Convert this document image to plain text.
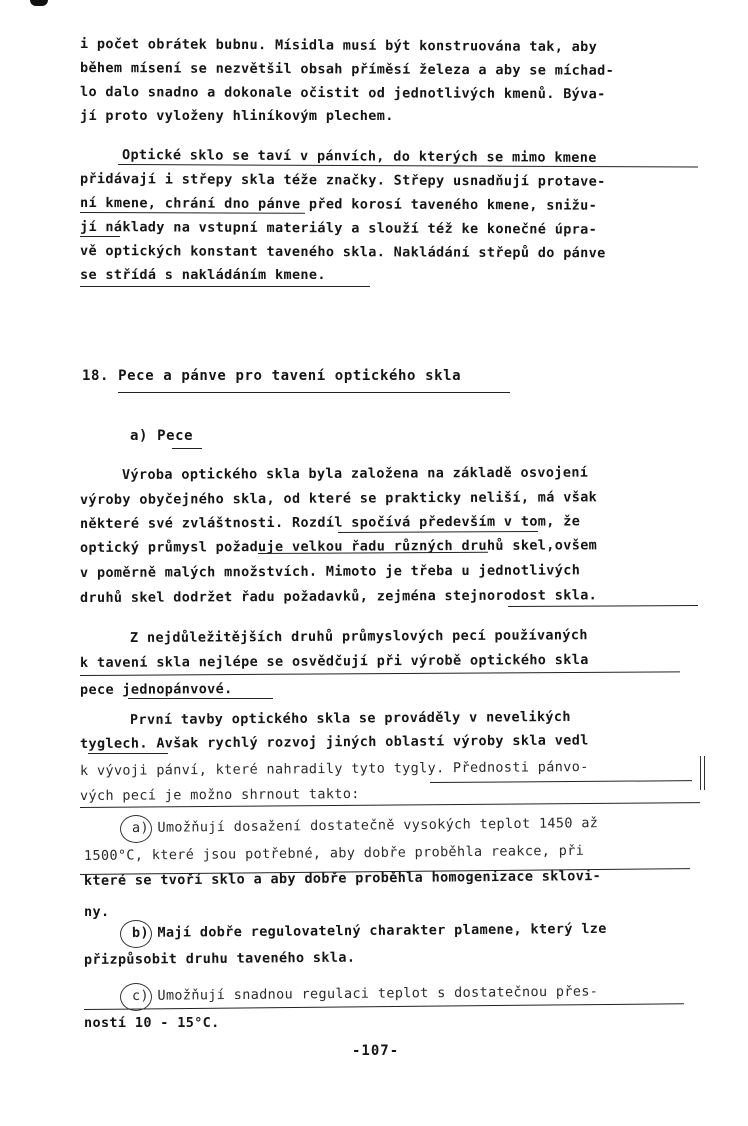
i počet obrátek bubnu. Mísidla musí být konstruována tak, aby
během mísení se nezvětšil obsah příměsí železa a aby se míchad-
lo dalo snadno a dokonale očistit od jednotlivých kmenů. Býva-
jí proto vyloženy hliníkovým plechem.
Optické sklo se taví v pánvích, do kterých se mimo kmene
přidávají i střepy skla téže značky. Střepy usnadňují protave-
ní kmene, chrání dno pánve před korosí taveného kmene, snižu-
jí náklady na vstupní materiály a slouží též ke konečné úpra-
vě optických konstant taveného skla. Nakládání střepů do pánve
se střídá s nakládáním kmene.
18. Pece a pánve pro tavení optického skla
a) Pece
Výroba optického skla byla založena na základě osvojení
výroby obyčejného skla, od které se prakticky neliší, má však
některé své zvláštnosti. Rozdíl spočívá především v tom, že
optický průmysl požaduje velkou řadu různých druhů skel,ovšem
v poměrně malých množstvích. Mimoto je třeba u jednotlivých
druhů skel dodržet řadu požadavků, zejména stejnorodost skla.
Z nejdůležitějších druhů průmyslových pecí používaných
k tavení skla nejlépe se osvědčují při výrobě optického skla
pece jednopánvové.
První tavby optického skla se prováděly v nevelikých
tyglech. Avšak rychlý rozvoj jiných oblastí výroby skla vedl
k vývoji pánví, které nahradily tyto tygly. Přednosti pánvo-
vých pecí je možno shrnout takto:
a) Umožňují dosažení dostatečně vysokých teplot 1450 až
1500°C, které jsou potřebné, aby dobře proběhla reakce, při
které se tvoří sklo a aby dobře proběhla homogenizace sklovi-
ny.
b) Mají dobře regulovatelný charakter plamene, který lze
přizpůsobit druhu taveného skla.
c) Umožňují snadnou regulaci teplot s dostatečnou přes-
ností 10 - 15°C.
-107-
